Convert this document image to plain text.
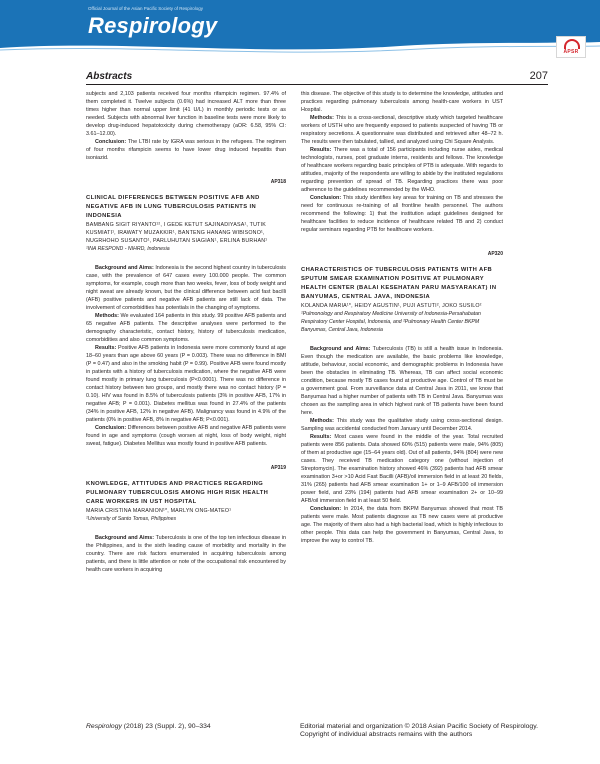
Official Journal of the Asian Pacific Society of Respirology
Respirology
APSR
Abstracts	207

subjects and 2,103 patients received four months rifampicin regimen. 97.4% of them completed it. Twelve subjects (0.6%) had increased ALT more than three times higher than normal upper limit (41 U/L) in monthly periodic tests or as needed. Subjects with abnormal liver function in baseline tests were more likely to develop drug-induced hepatotoxicity during chemotherapy (aOR: 6.58, 95% CI: 3.61–12.00).

Conclusion: The LTBI rate by IGRA was serious in the refugees. The regimen of four months rifampicin seems to have lower drug induced hepatitis than isoniazid.

AP318
CLINICAL DIFFERENCES BETWEEN POSITIVE AFB AND NEGATIVE AFB IN LUNG TUBERCULOSIS PATIENTS IN INDONESIA
BAMBANG SIGIT RIYANTO¹², I GEDE KETUT SAJINADIYASA¹, TUTIK KUSMIATI¹, IRAWATY MUZAKKIR¹, BANTENG HANANG WIBISONO¹, NUGRHOHO SUSANTO¹, PARLUHUTAN SIAGIAN¹, ERLINA BURHAN¹
¹INA RESPOND - NIHRD, Indonesia

Background and Aims: Indonesia is the second highest country in tuberculosis case, with the prevalence of 647 cases every 100.000 people. The common symptoms, for example, cough more than two weeks, fever, loss of body weight and night sweat are already known, but the clinical difference between acid fast bacilli (AFB) positive patients and negative AFB patients are still lack of data. The involvement of comorbidities has potentials in the changing of symptoms.

Methods: We evaluated 164 patients in this study. 99 positive AFB patients and 65 negative AFB patients. The descriptive analyses were performed to the demography characteristic, contact history, history of tuberculosis medication, comorbidities and also common symptoms.

Results: Positive AFB patients in Indonesia were more commonly found at age 18–60 years than age above 60 years (P = 0.003). There was no difference in BMI (P = 0.47) and also in the smoking habit (P = 0.99). Positive AFB were found mostly in patients with a history of tuberculosis medication, where the negative AFB were found mostly in primary lung tuberculosis (P<0.0001). There was no difference in contact history between two groups, and mostly there was no contact history (P = 0.10). HIV was found in 8.5% of tuberculosis patients (3% in positive AFB, 17% in negative AFB; P = 0.001). Diabetes mellitus was found in 27.4% of the patients (34% in positive AFB, 12% in negative AFB). Malignancy was found in 4.9% of the patients (0% in positive AFB, 8% in negative AFB; P<0.001).

Conclusion: Differences between positive AFB and negative AFB patients were found in age and symptoms (cough worsen at night, loss of body weight, night sweat, fatigue). Diabetes Mellitus was mostly found in positive AFB patients.

AP319
KNOWLEDGE, ATTITUDES AND PRACTICES REGARDING PULMONARY TUBERCULOSIS AMONG HIGH RISK HEALTH CARE WORKERS IN UST HOSPITAL
MARIA CRISTINA MARANION¹*, MARLYN ONG-MATEO¹
¹University of Santo Tomas, Philippines

Background and Aims: Tuberculosis is one of the top ten infectious disease in the Philippines, and is the sixth leading cause of morbidity and mortality in the country. There are risk factors enumerated in acquiring tuberculosis among patients, and there is little attention or note of the occupational risk encountered by health care workers in acquiring

this disease. The objective of this study is to determine the knowledge, attitudes and practices regarding pulmonary tuberculosis among health-care workers in UST Hospital.

Methods: This is a cross-sectional, descriptive study which targeted healthcare workers of USTH who are frequently exposed to patients suspected of having TB or respiratory secretions. A questionnaire was distributed and retrieved after 48–72 h. The results were then tabulated, tallied, and analyzed using Chi Square Analysis.

Results: There was a total of 156 participants including nurse aides, medical technologists, nurses, post graduate interns, residents and fellows. The knowledge of healthcare workers regarding basic principles of PTB is adequate. With regards to attitudes, majority of the respondents are willing to abide by the instituted regulations regarding prevention of spread of TB. Regarding practices there was poor adherence to the guidelines recommended by the WHO.

Conclusion: This study identifies key areas for training on TB and stresses the need for continuous re-training of all frontline health personnel. The authors recommend the following: 1) that the institution adapt guidelines designed for healthcare facilities to reduce incidence of healthcare related TB and 2) conduct regular seminars regarding PTB for healthcare workers.

AP320
CHARACTERISTICS OF TUBERCULOSIS PATIENTS WITH AFB SPUTUM SMEAR EXAMINATION POSITIVE AT PULMONARY HEALTH CENTER (BALAI KESEHATAN PARU MASYARAKAT) IN BANYUMAS, CENTRAL JAVA, INDONESIA
KOLANDA MARIA¹*, HEIDY AGUSTIN¹, PUJI ASTUTI², JOKO SUSILO²
¹Pulmonology and Respiratory Medicine University of Indonesia-Persahabatan Respiratory Center Hospital, Indonesia, and ²Pulmonary Health Center BKPM Banyumas, Central Java, Indonesia

Background and Aims: Tuberculosis (TB) is still a health issue in Indonesia. Even though the medication are available, the basic problems like knowledge, attitude, behaviour, social economic, and demographic problems in Indonesia have been the obstacles in eliminating TB. Whereas, TB can affect social economic condition, because mostly TB cases found at productive age. Control of TB must be a government goal. From surveillance data at Central Java in 2011, we know that Banyumas had a higher number of patients with TB in Central Java. Banyumas was chosen as the sampling area in which highest rank of TB patients have been found here.

Methods: This study was the qualitative study using cross-sectional design. Sampling was accidental conducted from January until December 2014.

Results: Most cases were found in the middle of the year. Total recruited patients were 856 patients. Data showed 60% (515) patients were male, 94% (805) of them at productive age (15–64 years old). Out of all patients, 94% (804) were new cases. They received TB medication category one (without injection of Streptomycin). The examination history showed 46% (392) patients had AFB smear examination 3+or >10 Acid Fast Bacilli (AFB)/oil immersion field in at least 20 fields, 31% (265) patients had AFB smear examination 1+ or 1–9 AFB/100 oil immersion power field, and 23% (194) patients had AFB smear examination 2+ or 10–99 AFB/oil immersion field in at least 50 field.

Conclusion: In 2014, the data from BKPM Banyumas showed that most TB patients were male. Most patients diagnose as TB new cases were at productive age. The majority of them also had a high bacterial load, which is highly infectious to other people. This data can help the government in Banyumas, Central Java, to improve the way to control TB.

Respirology (2018) 23 (Suppl. 2), 90–334	Editorial material and organization © 2018 Asian Pacific Society of Respirology.
Copyright of individual abstracts remains with the authors
